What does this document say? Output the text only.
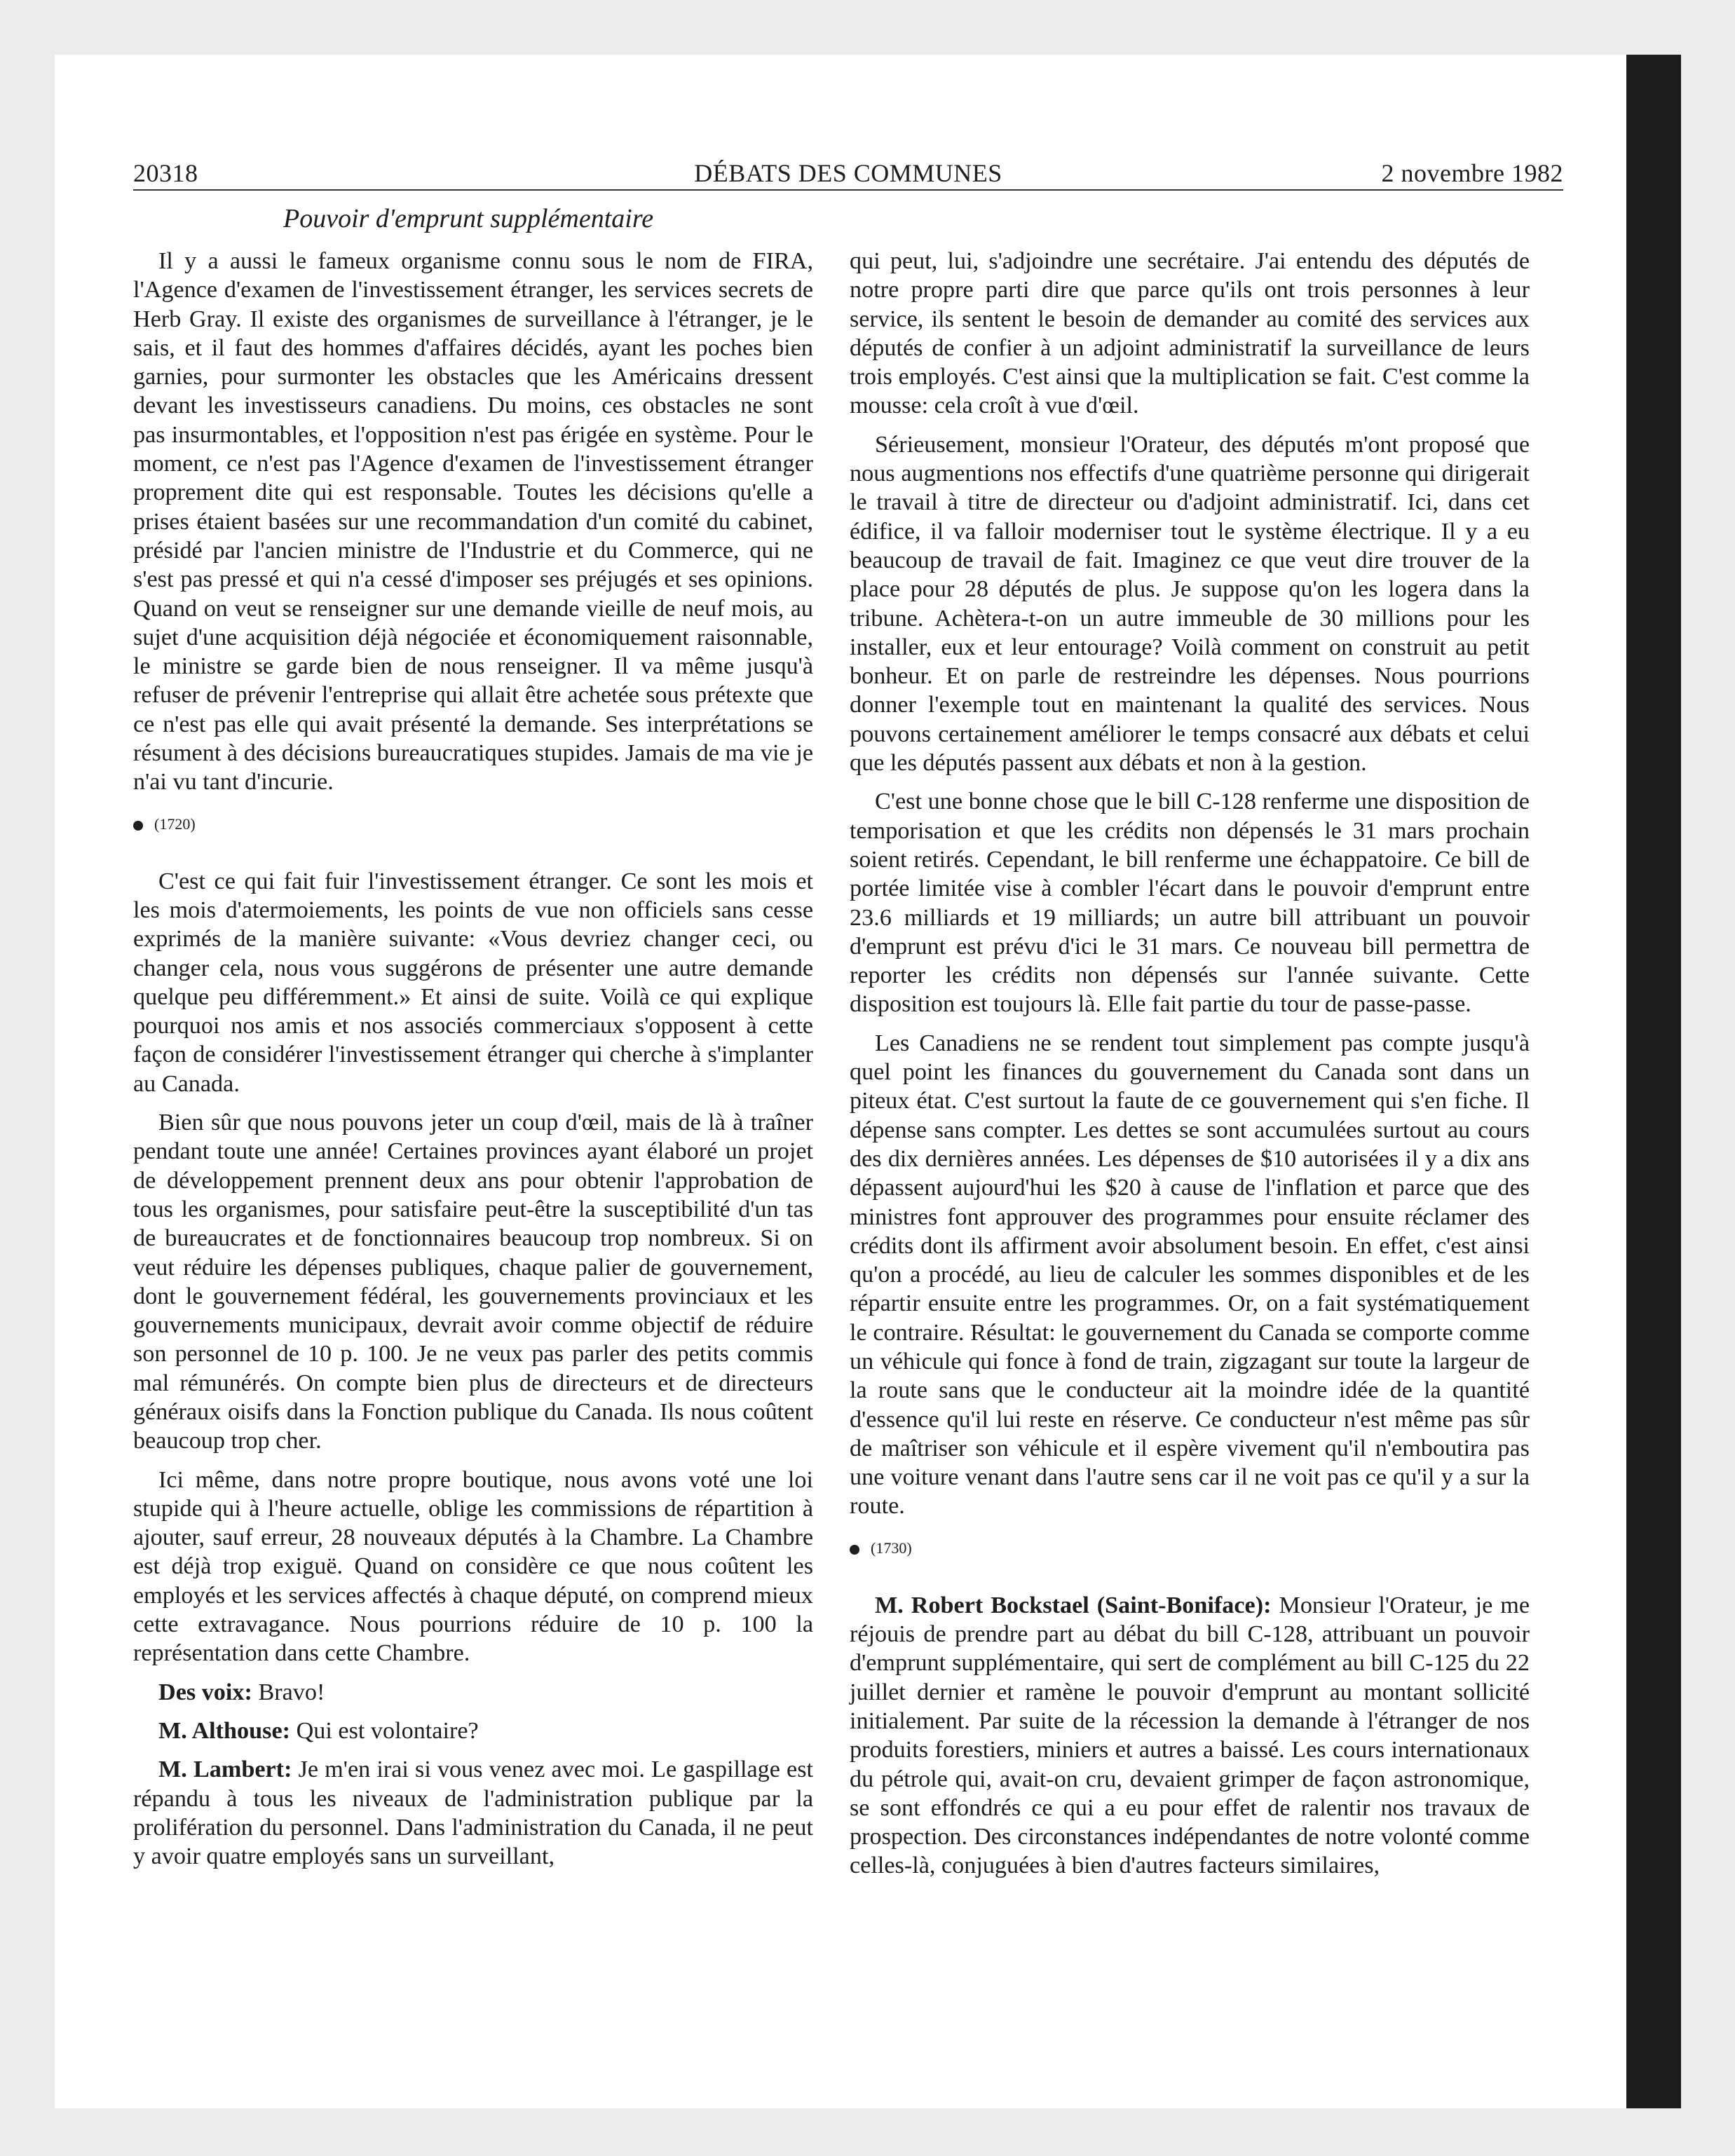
20318	DÉBATS DES COMMUNES	2 novembre 1982
Pouvoir d'emprunt supplémentaire

Il y a aussi le fameux organisme connu sous le nom de FIRA, l'Agence d'examen de l'investissement étranger, les services secrets de Herb Gray. Il existe des organismes de surveillance à l'étranger, je le sais, et il faut des hommes d'affaires décidés, ayant les poches bien garnies, pour surmonter les obstacles que les Américains dressent devant les investisseurs canadiens. Du moins, ces obstacles ne sont pas insurmontables, et l'opposition n'est pas érigée en système. Pour le moment, ce n'est pas l'Agence d'examen de l'investissement étranger proprement dite qui est responsable. Toutes les décisions qu'elle a prises étaient basées sur une recommandation d'un comité du cabinet, présidé par l'ancien ministre de l'Industrie et du Commerce, qui ne s'est pas pressé et qui n'a cessé d'imposer ses préjugés et ses opinions. Quand on veut se renseigner sur une demande vieille de neuf mois, au sujet d'une acquisition déjà négociée et économiquement raisonnable, le ministre se garde bien de nous renseigner. Il va même jusqu'à refuser de prévenir l'entreprise qui allait être achetée sous prétexte que ce n'est pas elle qui avait présenté la demande. Ses interprétations se résument à des décisions bureaucratiques stupides. Jamais de ma vie je n'ai vu tant d'incurie.

(1720)

C'est ce qui fait fuir l'investissement étranger. Ce sont les mois et les mois d'atermoiements, les points de vue non officiels sans cesse exprimés de la manière suivante: «Vous devriez changer ceci, ou changer cela, nous vous suggérons de présenter une autre demande quelque peu différemment.» Et ainsi de suite. Voilà ce qui explique pourquoi nos amis et nos associés commerciaux s'opposent à cette façon de considérer l'investissement étranger qui cherche à s'implanter au Canada.

Bien sûr que nous pouvons jeter un coup d'œil, mais de là à traîner pendant toute une année! Certaines provinces ayant élaboré un projet de développement prennent deux ans pour obtenir l'approbation de tous les organismes, pour satisfaire peut-être la susceptibilité d'un tas de bureaucrates et de fonctionnaires beaucoup trop nombreux. Si on veut réduire les dépenses publiques, chaque palier de gouvernement, dont le gouvernement fédéral, les gouvernements provinciaux et les gouvernements municipaux, devrait avoir comme objectif de réduire son personnel de 10 p. 100. Je ne veux pas parler des petits commis mal rémunérés. On compte bien plus de directeurs et de directeurs généraux oisifs dans la Fonction publique du Canada. Ils nous coûtent beaucoup trop cher.

Ici même, dans notre propre boutique, nous avons voté une loi stupide qui à l'heure actuelle, oblige les commissions de répartition à ajouter, sauf erreur, 28 nouveaux députés à la Chambre. La Chambre est déjà trop exiguë. Quand on considère ce que nous coûtent les employés et les services affectés à chaque député, on comprend mieux cette extravagance. Nous pourrions réduire de 10 p. 100 la représentation dans cette Chambre.

Des voix: Bravo!

M. Althouse: Qui est volontaire?

M. Lambert: Je m'en irai si vous venez avec moi. Le gaspillage est répandu à tous les niveaux de l'administration publique par la prolifération du personnel. Dans l'administration du Canada, il ne peut y avoir quatre employés sans un surveillant,

qui peut, lui, s'adjoindre une secrétaire. J'ai entendu des députés de notre propre parti dire que parce qu'ils ont trois personnes à leur service, ils sentent le besoin de demander au comité des services aux députés de confier à un adjoint administratif la surveillance de leurs trois employés. C'est ainsi que la multiplication se fait. C'est comme la mousse: cela croît à vue d'œil.

Sérieusement, monsieur l'Orateur, des députés m'ont proposé que nous augmentions nos effectifs d'une quatrième personne qui dirigerait le travail à titre de directeur ou d'adjoint administratif. Ici, dans cet édifice, il va falloir moderniser tout le système électrique. Il y a eu beaucoup de travail de fait. Imaginez ce que veut dire trouver de la place pour 28 députés de plus. Je suppose qu'on les logera dans la tribune. Achètera-t-on un autre immeuble de 30 millions pour les installer, eux et leur entourage? Voilà comment on construit au petit bonheur. Et on parle de restreindre les dépenses. Nous pourrions donner l'exemple tout en maintenant la qualité des services. Nous pouvons certainement améliorer le temps consacré aux débats et celui que les députés passent aux débats et non à la gestion.

C'est une bonne chose que le bill C-128 renferme une disposition de temporisation et que les crédits non dépensés le 31 mars prochain soient retirés. Cependant, le bill renferme une échappatoire. Ce bill de portée limitée vise à combler l'écart dans le pouvoir d'emprunt entre 23.6 milliards et 19 milliards; un autre bill attribuant un pouvoir d'emprunt est prévu d'ici le 31 mars. Ce nouveau bill permettra de reporter les crédits non dépensés sur l'année suivante. Cette disposition est toujours là. Elle fait partie du tour de passe-passe.

Les Canadiens ne se rendent tout simplement pas compte jusqu'à quel point les finances du gouvernement du Canada sont dans un piteux état. C'est surtout la faute de ce gouvernement qui s'en fiche. Il dépense sans compter. Les dettes se sont accumulées surtout au cours des dix dernières années. Les dépenses de $10 autorisées il y a dix ans dépassent aujourd'hui les $20 à cause de l'inflation et parce que des ministres font approuver des programmes pour ensuite réclamer des crédits dont ils affirment avoir absolument besoin. En effet, c'est ainsi qu'on a procédé, au lieu de calculer les sommes disponibles et de les répartir ensuite entre les programmes. Or, on a fait systématiquement le contraire. Résultat: le gouvernement du Canada se comporte comme un véhicule qui fonce à fond de train, zigzagant sur toute la largeur de la route sans que le conducteur ait la moindre idée de la quantité d'essence qu'il lui reste en réserve. Ce conducteur n'est même pas sûr de maîtriser son véhicule et il espère vivement qu'il n'emboutira pas une voiture venant dans l'autre sens car il ne voit pas ce qu'il y a sur la route.

(1730)

M. Robert Bockstael (Saint-Boniface): Monsieur l'Orateur, je me réjouis de prendre part au débat du bill C-128, attribuant un pouvoir d'emprunt supplémentaire, qui sert de complément au bill C-125 du 22 juillet dernier et ramène le pouvoir d'emprunt au montant sollicité initialement. Par suite de la récession la demande à l'étranger de nos produits forestiers, miniers et autres a baissé. Les cours internationaux du pétrole qui, avait-on cru, devaient grimper de façon astronomique, se sont effondrés ce qui a eu pour effet de ralentir nos travaux de prospection. Des circonstances indépendantes de notre volonté comme celles-là, conjuguées à bien d'autres facteurs similaires,
